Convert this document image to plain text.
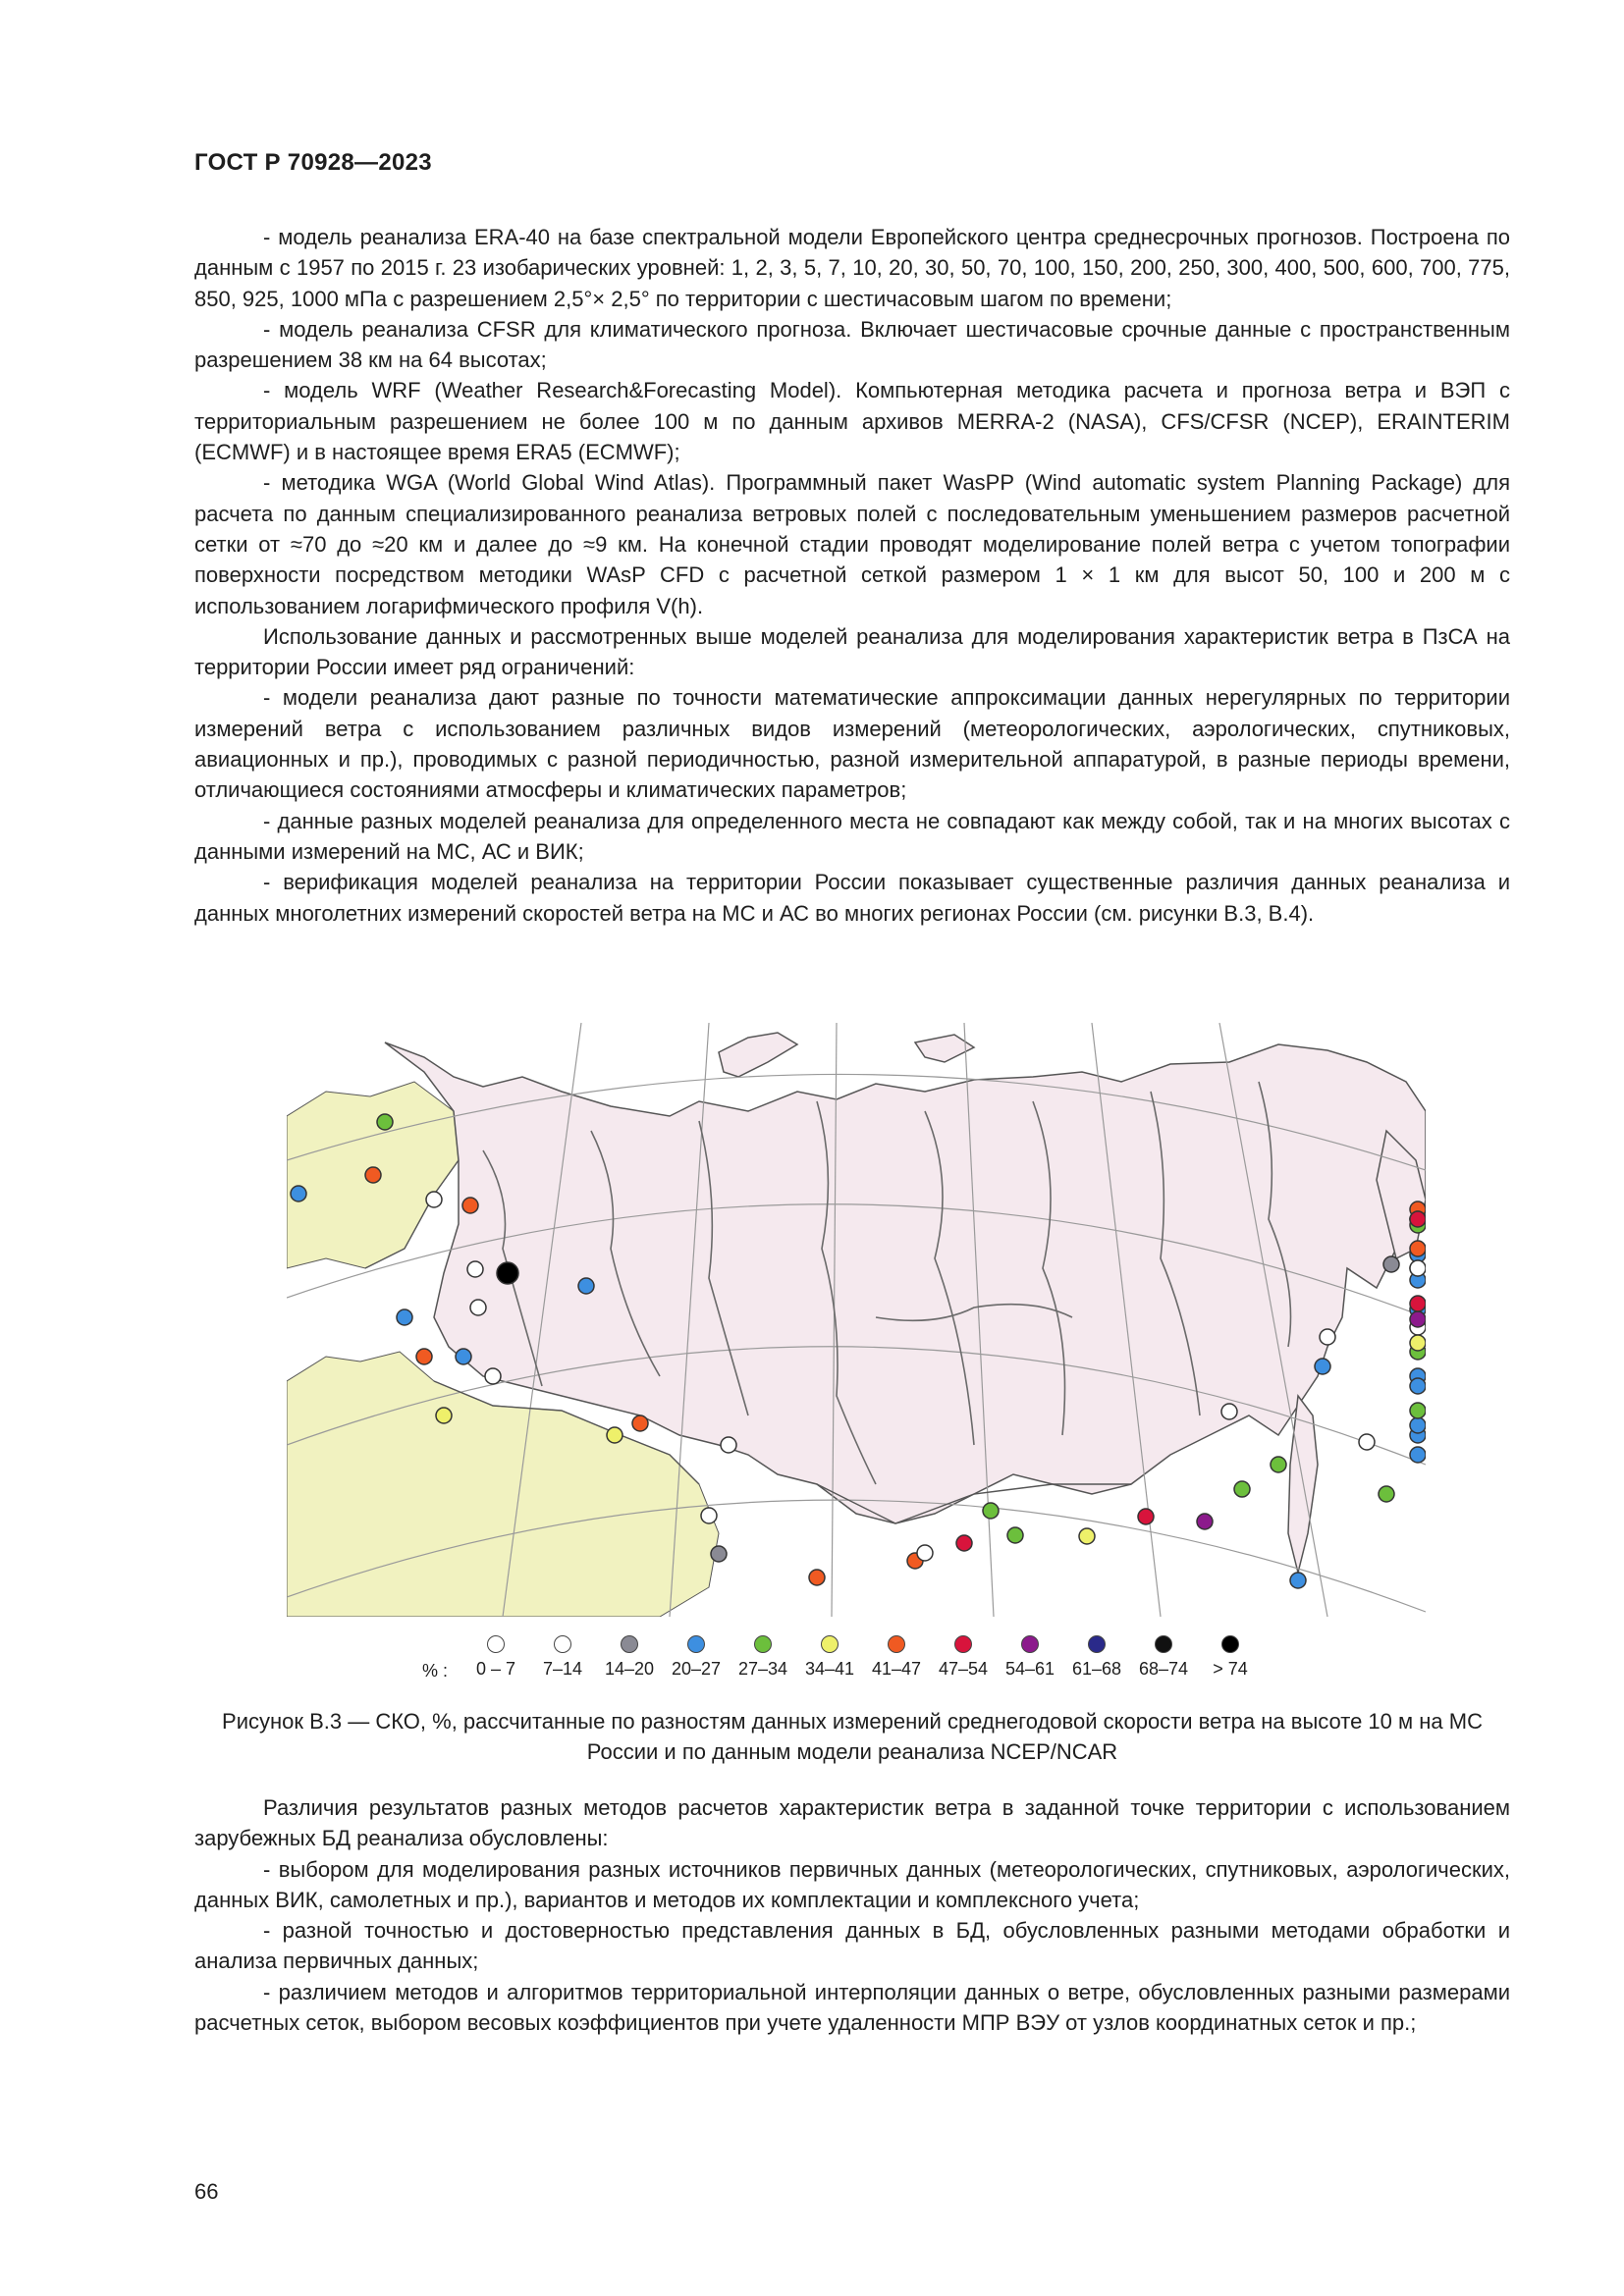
ГОСТ Р 70928—2023

- модель реанализа ERA-40 на базе спектральной модели Европейского центра среднесрочных прогнозов. Построена по данным с 1957 по 2015 г. 23 изобарических уровней: 1, 2, 3, 5, 7, 10, 20, 30, 50, 70, 100, 150, 200, 250, 300, 400, 500, 600, 700, 775, 850, 925, 1000 мПа с разрешением 2,5°× 2,5° по территории с шестичасовым шагом по времени;

- модель реанализа CFSR для климатического прогноза. Включает шестичасовые срочные данные с пространственным разрешением 38 км на 64 высотах;

- модель WRF (Weather Research&Forecasting Model). Компьютерная методика расчета и прогноза ветра и ВЭП с территориальным разрешением не более 100 м по данным архивов MERRA-2 (NASA), CFS/CFSR (NCEP), ERAINTERIM (ECMWF) и в настоящее время ERA5 (ECMWF);

- методика WGA (World Global Wind Atlas). Программный пакет WasPP (Wind automatic system Planning Package) для расчета по данным специализированного реанализа ветровых полей с последовательным уменьшением размеров расчетной сетки от ≈70 до ≈20 км и далее до ≈9 км. На конечной стадии проводят моделирование полей ветра с учетом топографии поверхности посредством методики WAsP CFD с расчетной сеткой размером 1 × 1 км для высот 50, 100 и 200 м с использованием логарифмического профиля V(h).

Использование данных и рассмотренных выше моделей реанализа для моделирования характеристик ветра в ПзСА на территории России имеет ряд ограничений:

- модели реанализа дают разные по точности математические аппроксимации данных нерегулярных по территории измерений ветра с использованием различных видов измерений (метеорологических, аэрологических, спутниковых, авиационных и пр.), проводимых с разной периодичностью, разной измерительной аппаратурой, в разные периоды времени, отличающиеся состояниями атмосферы и климатических параметров;

- данные разных моделей реанализа для определенного места не совпадают как между собой, так и на многих высотах с данными измерений на МС, АС и ВИК;

- верификация моделей реанализа на территории России показывает существенные различия данных реанализа и данных многолетних измерений скоростей ветра на МС и АС во многих регионах России (см. рисунки В.3, В.4).

% :	0 – 7	7–14	14–20 20–27 27–34 34–41 41–47 47–54 54–61 61–68 68–74	> 74
Рисунок В.3 — СКО, %, рассчитанные по разностям данных измерений среднегодовой скорости ветра на высоте 10 м на МС России и по данным модели реанализа NCEP/NCAR

Различия результатов разных методов расчетов характеристик ветра в заданной точке территории с использованием зарубежных БД реанализа обусловлены:

- выбором для моделирования разных источников первичных данных (метеорологических, спутниковых, аэрологических, данных ВИК, самолетных и пр.), вариантов и методов их комплектации и комплексного учета;

- разной точностью и достоверностью представления данных в БД, обусловленных разными методами обработки и анализа первичных данных;

- различием методов и алгоритмов территориальной интерполяции данных о ветре, обусловленных разными размерами расчетных сеток, выбором весовых коэффициентов при учете удаленности МПР ВЭУ от узлов координатных сеток и пр.;

66
